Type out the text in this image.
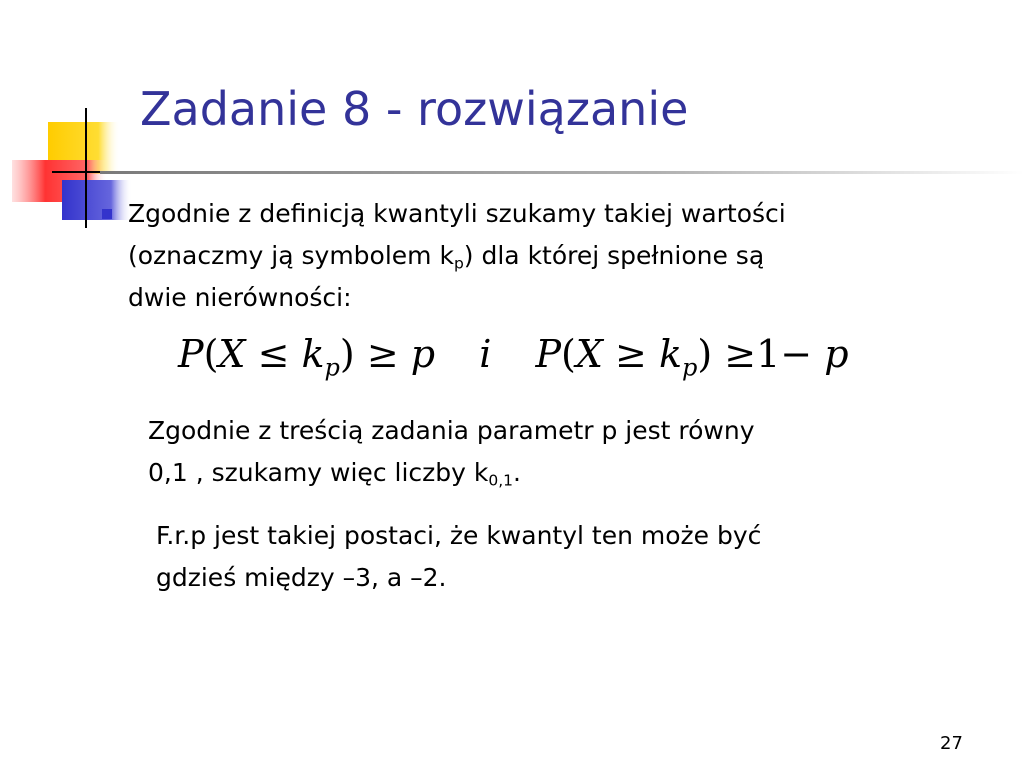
Zadanie 8 - rozwiązanie
Zgodnie z definicją kwantyli szukamy takiej wartości
(oznaczmy ją symbolem $k_p$) dla której spełnione są
dwie nierówności:
$P(X \le k_p) \ge p$ i $P(X \ge k_p) \ge 1- p$
Zgodnie z treścią zadania parametr p jest równy
0,1 , szukamy więc liczby $k_{0,1}$.
F.r.p jest takiej postaci, że kwantyl ten może być
gdzieś między –3, a –2.
27
